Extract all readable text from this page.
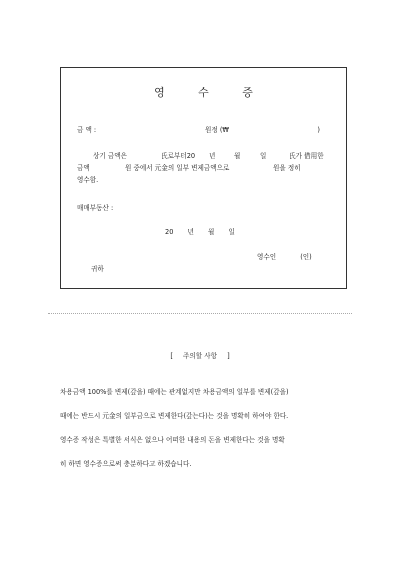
영 수 증
금 액 :	원정 (₩	)
상기 금액은	氏로부터20 년	월	일	氏가 借用한
금액	원 중에서 元金의 일부 변제금액으로	원을 정히
영수함.
매매부동산 :
20 년 월 일
영수인	(인)
귀하
[ 주의할 사항 ]
차용금액 100%를 변제(갚을) 때에는 관계없지만 차용금액의 일부를 변제(갚을)
때에는 반드시 元金의 일부금으로 변제한다(갚는다)는 것을 명확히 하여야 한다.
영수증 작성은 특별한 서식은 없으나 어떠한 내용의 돈을 변제한다는 것을 명확
히 하면 영수증으로써 충분하다고 하겠습니다.
